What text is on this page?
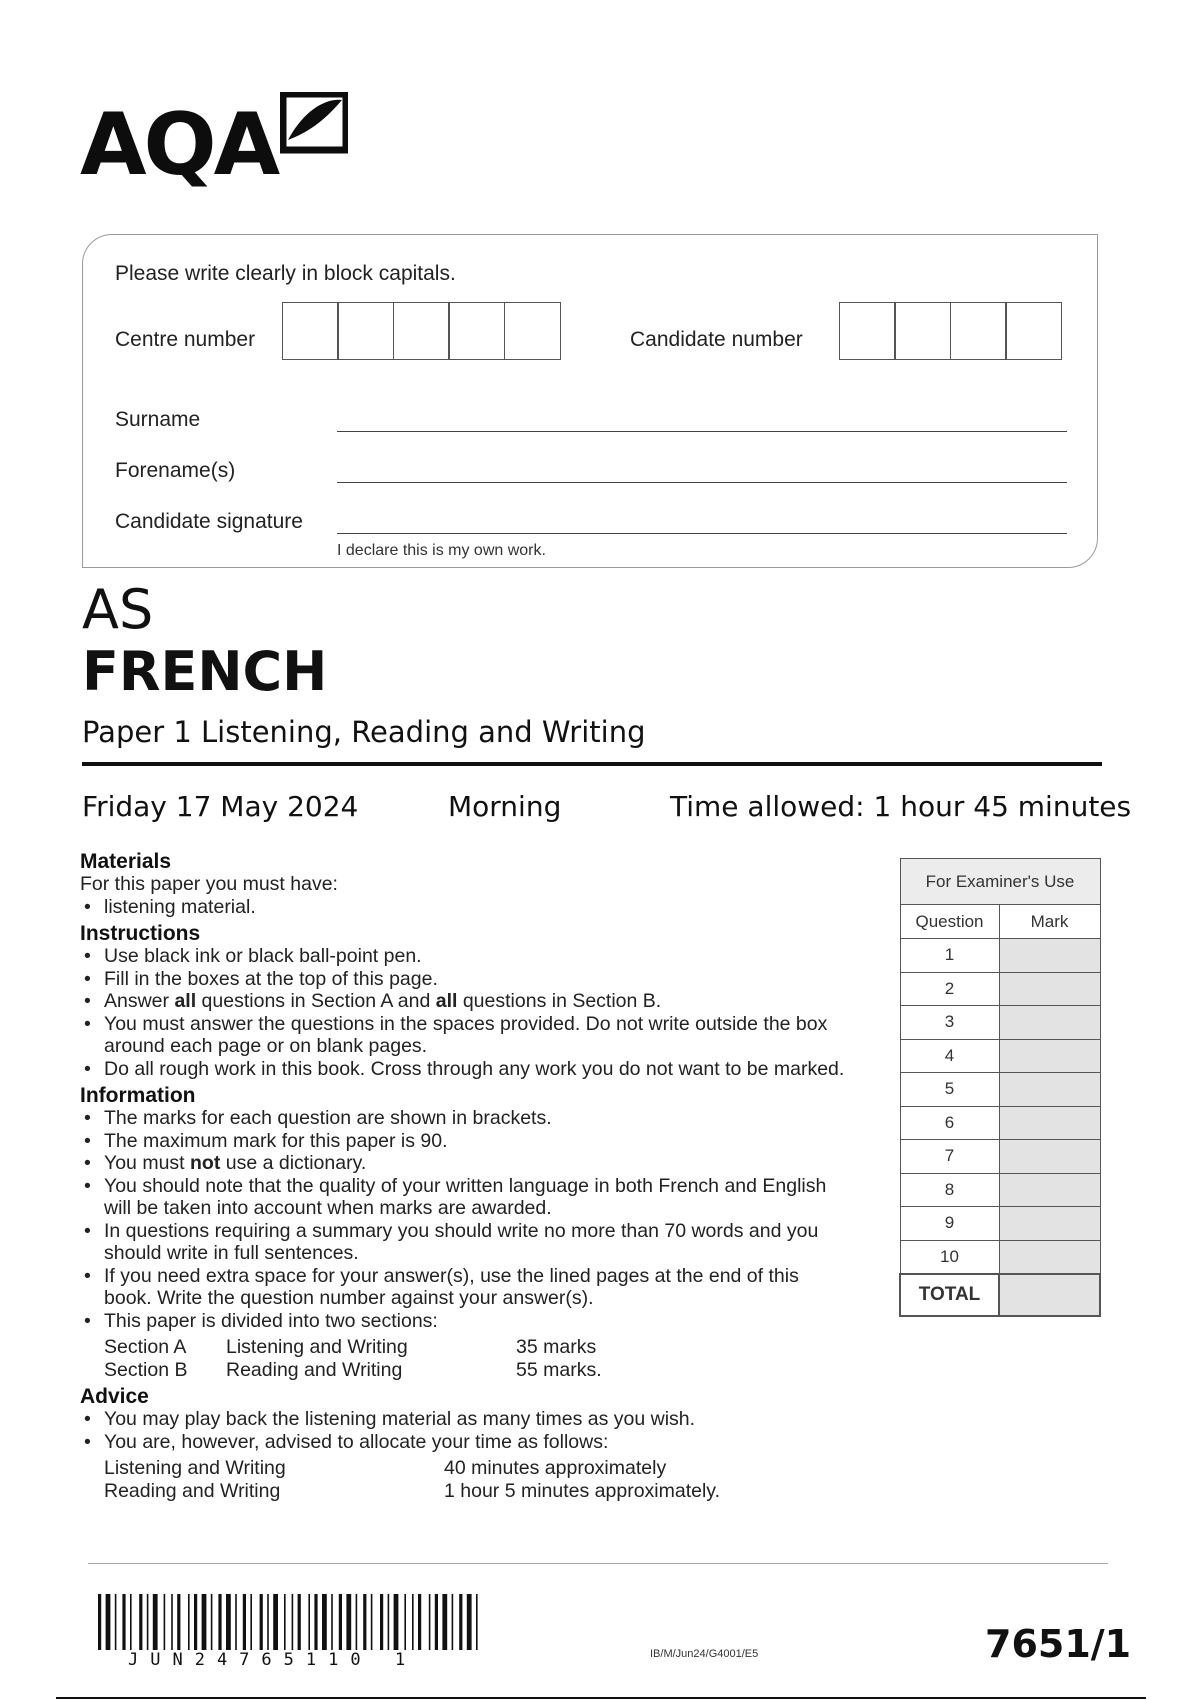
AQA
Please write clearly in block capitals.
Centre number	Candidate number
Surname
Forename(s)
Candidate signature
I declare this is my own work.
AS
FRENCH
Paper 1 Listening, Reading and Writing
Friday 17 May 2024	Morning	Time allowed: 1 hour 45 minutes
Materials

For this paper you must have:

• listening material.
Instructions
• Use black ink or black ball-point pen.
• Fill in the boxes at the top of this page.
• Answer all questions in Section A and all questions in Section B.
• You must answer the questions in the spaces provided. Do not write outside the box around each page or on blank pages.
• Do all rough work in this book. Cross through any work you do not want to be marked.
Information
• The marks for each question are shown in brackets.
• The maximum mark for this paper is 90.
• You must not use a dictionary.
• You should note that the quality of your written language in both French and English will be taken into account when marks are awarded.
• In questions requiring a summary you should write no more than 70 words and you should write in full sentences.
• If you need extra space for your answer(s), use the lined pages at the end of this book. Write the question number against your answer(s).
• This paper is divided into two sections:
Section A	Listening and Writing	35 marks
Section B	Reading and Writing	55 marks.
Advice
• You may play back the listening material as many times as you wish.
• You are, however, advised to allocate your time as follows:
Listening and Writing	40 minutes approximately
Reading and Writing	1 hour 5 minutes approximately.
For Examiner's Use	
Question	Mark
1	
2	
3	
4	
5	
6	
7	
8	
9	
10	
TOTAL	
JUN24765110 1	IB/M/Jun24/G4001/E5	7651/1
